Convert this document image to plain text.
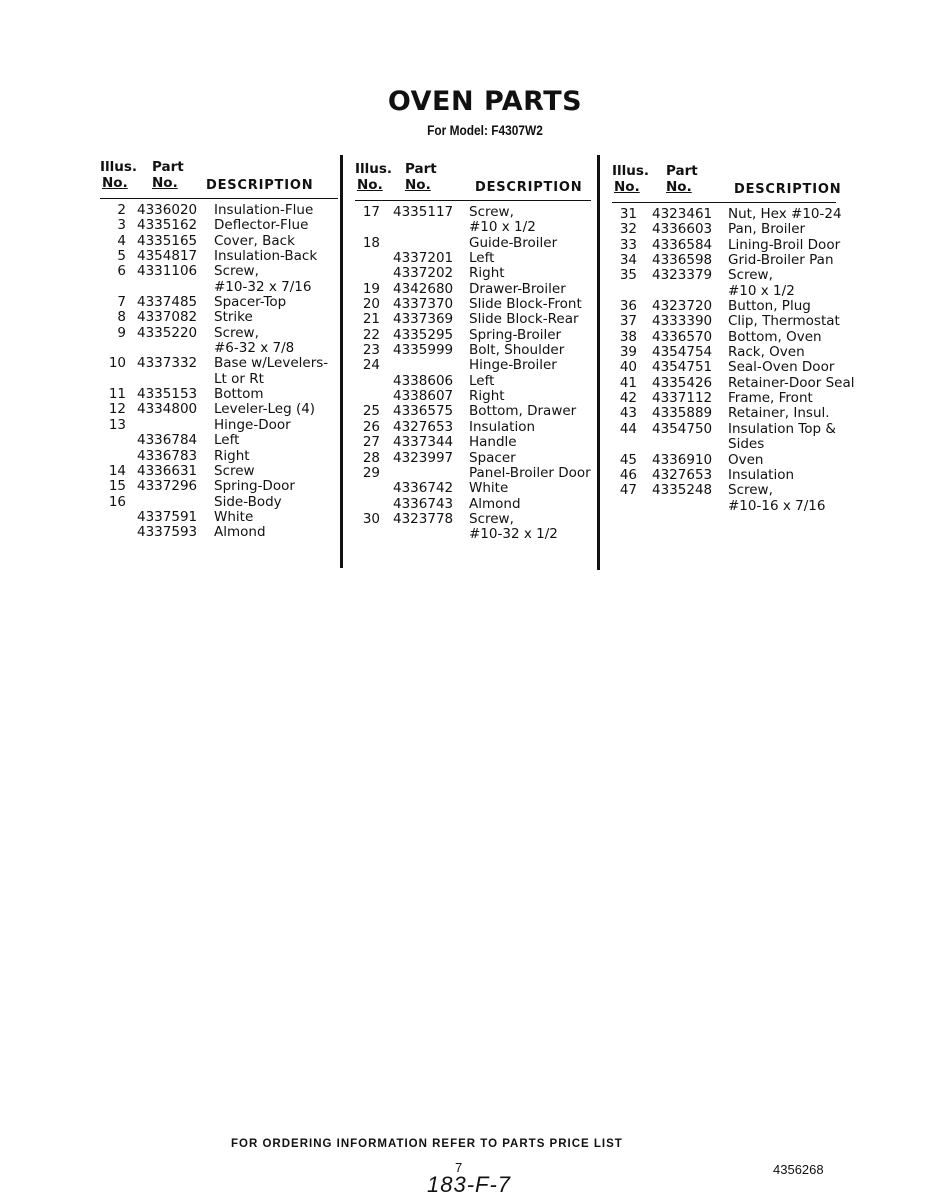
OVEN PARTS
For Model: F4307W2
Illus.
No.
Part
No. DESCRIPTION
2 4336020 Insulation-Flue
3 4335162 Deflector-Flue
4 4335165 Cover, Back
5 4354817 Insulation-Back
6 4331106 Screw,
#10-32 x 7/16
7 4337485 Spacer-Top
8 4337082 Strike
9 4335220 Screw,
#6-32 x 7/8
10 4337332 Base w/Levelers-
Lt or Rt
11 4335153 Bottom
12 4334800 Leveler-Leg (4)
13	Hinge-Door
4336784 Left
4336783 Right
14 4336631 Screw
15 4337296 Spring-Door
16	Side-Body
4337591 White
4337593 Almond
Illus.
No.
Part
No.	DESCRIPTION
17 4335117 Screw,
#10 x 1/2
18	Guide-Broiler
4337201 Left
4337202 Right
19 4342680 Drawer-Broiler
20 4337370 Slide Block-Front
21 4337369 Slide Block-Rear
22 4335295 Spring-Broiler
23 4335999 Bolt, Shoulder
24	Hinge-Broiler
4338606 Left
4338607 Right
25 4336575 Bottom, Drawer
26 4327653 Insulation
27 4337344 Handle
28 4323997 Spacer
29	Panel-Broiler Door
4336742 White
4336743 Almond
30 4323778 Screw,
#10-32 x 1/2
Illus.
No.
Part
No.	DESCRIPTION
31 4323461 Nut, Hex #10-24
32 4336603 Pan, Broiler
33 4336584 Lining-Broil Door
34 4336598 Grid-Broiler Pan
35 4323379 Screw,
#10 x 1/2
36 4323720 Button, Plug
37 4333390 Clip, Thermostat
38 4336570 Bottom, Oven
39 4354754 Rack, Oven
40 4354751 Seal-Oven Door
41 4335426 Retainer-Door Seal
42 4337112 Frame, Front
43 4335889 Retainer, Insul.
44 4354750 Insulation Top &
Sides
45 4336910 Oven
46 4327653 Insulation
47 4335248 Screw,
#10-16 x 7/16
FOR ORDERING INFORMATION REFER TO PARTS PRICE LIST
7	4356268
183-F-7
